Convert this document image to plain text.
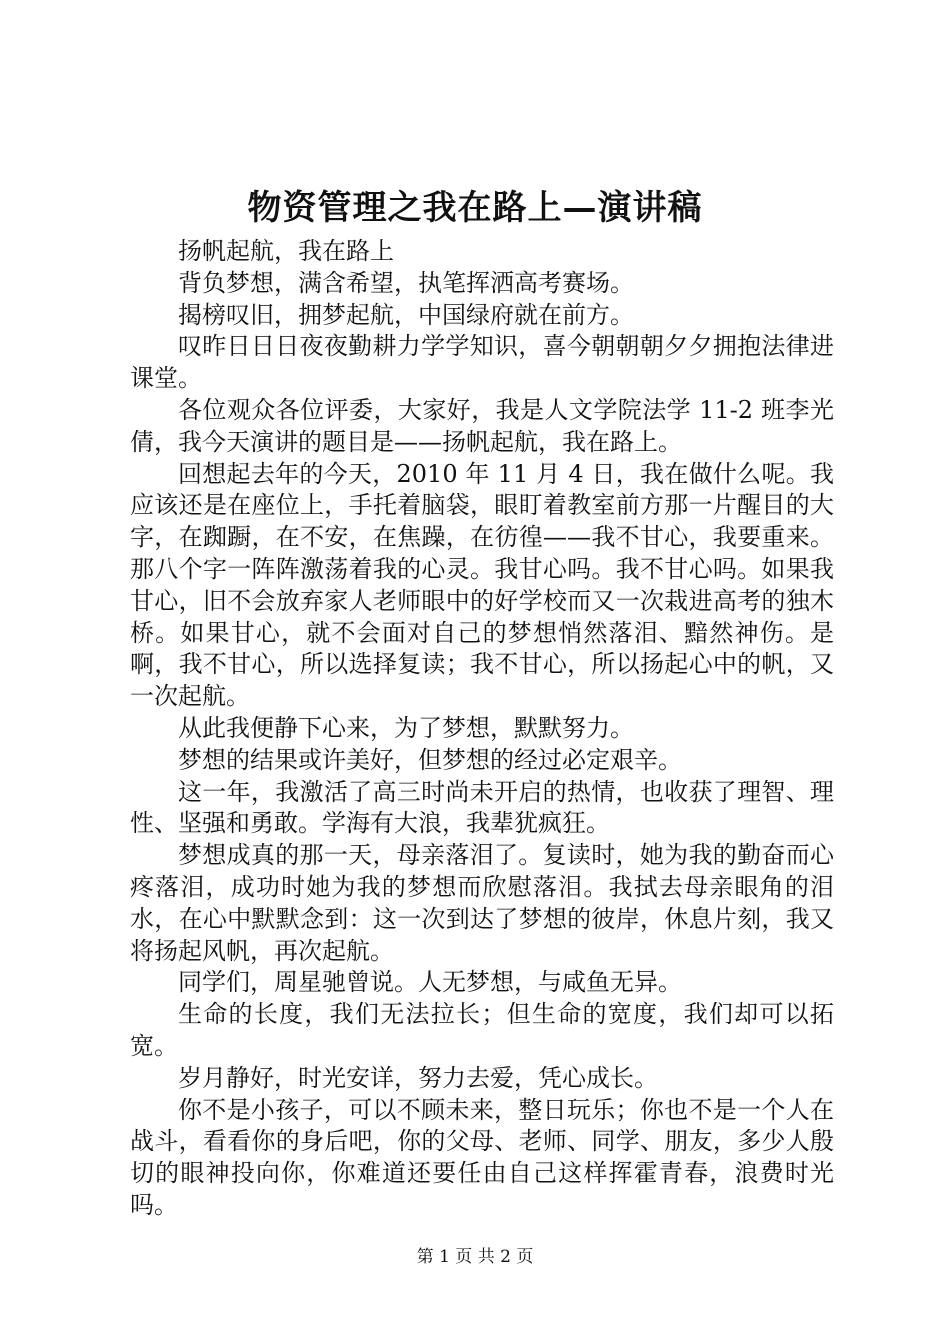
物资管理之我在路上—演讲稿

扬帆起航，我在路上

背负梦想，满含希望，执笔挥洒高考赛场。

揭榜叹旧，拥梦起航，中国绿府就在前方。

叹昨日日日夜夜勤耕力学学知识，喜今朝朝朝夕夕拥抱法律进课堂。

各位观众各位评委，大家好，我是人文学院法学 11-2 班李光倩，我今天演讲的题目是——扬帆起航，我在路上。

回想起去年的今天，2010 年 11 月 4 日，我在做什么呢。我应该还是在座位上，手托着脑袋，眼盯着教室前方那一片醒目的大字，在踟蹰，在不安，在焦躁，在彷徨——我不甘心，我要重来。那八个字一阵阵激荡着我的心灵。我甘心吗。我不甘心吗。如果我甘心，旧不会放弃家人老师眼中的好学校而又一次栽进高考的独木桥。如果甘心，就不会面对自己的梦想悄然落泪、黯然神伤。是啊，我不甘心，所以选择复读；我不甘心，所以扬起心中的帆，又一次起航。

从此我便静下心来，为了梦想，默默努力。

梦想的结果或许美好，但梦想的经过必定艰辛。

这一年，我激活了高三时尚未开启的热情，也收获了理智、理性、坚强和勇敢。学海有大浪，我辈犹疯狂。

梦想成真的那一天，母亲落泪了。复读时，她为我的勤奋而心疼落泪，成功时她为我的梦想而欣慰落泪。我拭去母亲眼角的泪水，在心中默默念到：这一次到达了梦想的彼岸，休息片刻，我又将扬起风帆，再次起航。

同学们，周星驰曾说。人无梦想，与咸鱼无异。

生命的长度，我们无法拉长；但生命的宽度，我们却可以拓宽。

岁月静好，时光安详，努力去爱，凭心成长。

你不是小孩子，可以不顾未来，整日玩乐；你也不是一个人在战斗，看看你的身后吧，你的父母、老师、同学、朋友，多少人殷切的眼神投向你，你难道还要任由自己这样挥霍青春，浪费时光吗。

第 1 页 共 2 页
